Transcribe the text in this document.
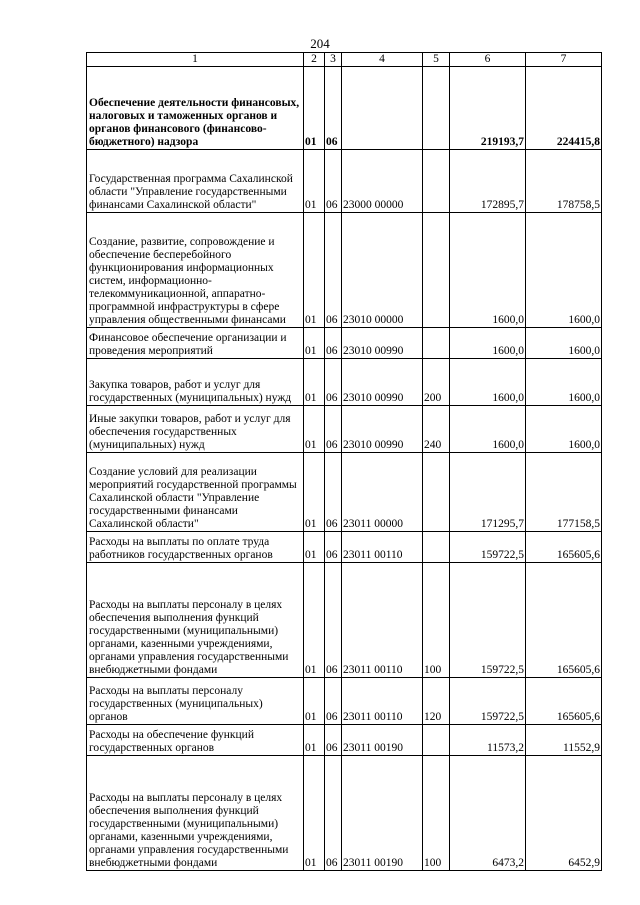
204
1	2	3	4	5	6	7
Обеспечение деятельности финансовых, налоговых и таможенных органов и органов финансового (финансово-бюджетного) надзора	01	06			219193,7	224415,8
Государственная программа Сахалинской области "Управление государственными финансами Сахалинской области"	01	06	23000 00000		172895,7	178758,5
Создание, развитие, сопровождение и обеспечение бесперебойного функционирования информационных систем, информационно-телекоммуникационной, аппаратно-программной инфраструктуры в сфере управления общественными финансами	01	06	23010 00000		1600,0	1600,0
Финансовое обеспечение организации и проведения мероприятий	01	06	23010 00990		1600,0	1600,0
Закупка товаров, работ и услуг для государственных (муниципальных) нужд	01	06	23010 00990	200	1600,0	1600,0
Иные закупки товаров, работ и услуг для обеспечения государственных (муниципальных) нужд	01	06	23010 00990	240	1600,0	1600,0
Создание условий для реализации мероприятий государственной программы Сахалинской области "Управление государственными финансами Сахалинской области"	01	06	23011 00000		171295,7	177158,5
Расходы на выплаты по оплате труда работников государственных органов	01	06	23011 00110		159722,5	165605,6
Расходы на выплаты персоналу в целях обеспечения выполнения функций государственными (муниципальными) органами, казенными учреждениями, органами управления государственными внебюджетными фондами	01	06	23011 00110	100	159722,5	165605,6
Расходы на выплаты персоналу государственных (муниципальных) органов	01	06	23011 00110	120	159722,5	165605,6
Расходы на обеспечение функций государственных органов	01	06	23011 00190		11573,2	11552,9
Расходы на выплаты персоналу в целях обеспечения выполнения функций государственными (муниципальными) органами, казенными учреждениями, органами управления государственными внебюджетными фондами	01	06	23011 00190	100	6473,2	6452,9
